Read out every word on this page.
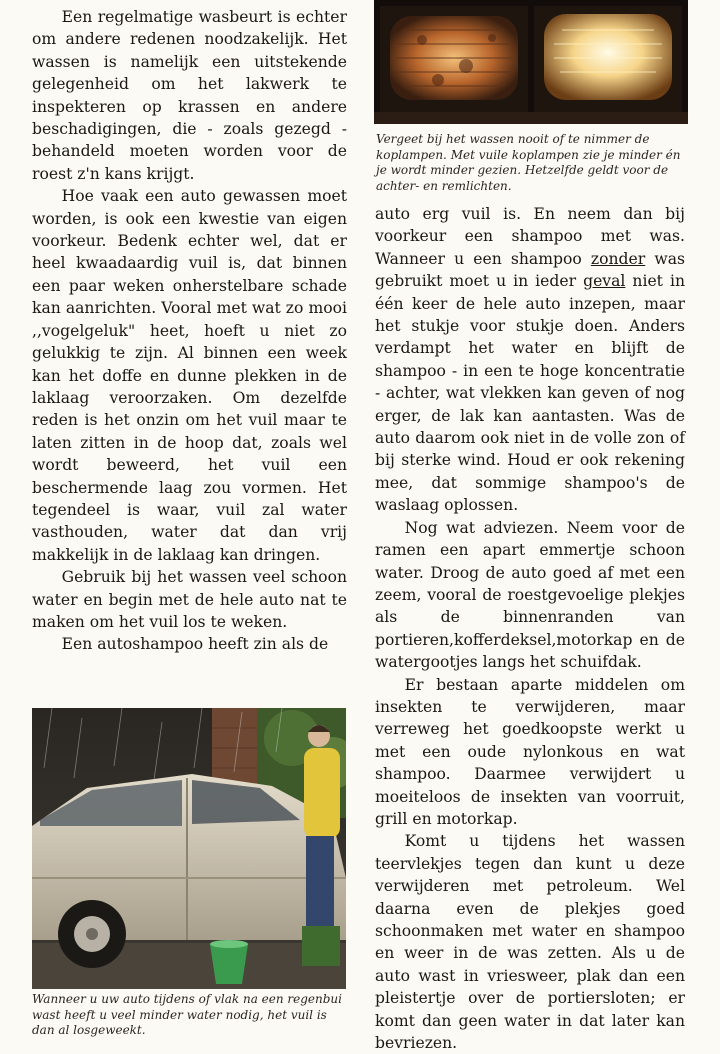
Vergeet bij het wassen nooit of te nimmer de koplampen. Met vuile koplampen zie je minder én je wordt minder gezien. Hetzelfde geldt voor de achter- en remlichten.

Een regelmatige wasbeurt is echter om andere redenen noodzakelijk. Het wassen is namelijk een uitstekende gelegenheid om het lakwerk te inspekteren op krassen en andere beschadigingen, die - zoals gezegd - behandeld moeten worden voor de roest z'n kans krijgt.

Hoe vaak een auto gewassen moet worden, is ook een kwestie van eigen voorkeur. Bedenk echter wel, dat er heel kwaadaardig vuil is, dat binnen een paar weken onherstelbare schade kan aanrichten. Vooral met wat zo mooi ,,vogelgeluk" heet, hoeft u niet zo gelukkig te zijn. Al binnen een week kan het doffe en dunne plekken in de laklaag veroorzaken. Om dezelfde reden is het onzin om het vuil maar te laten zitten in de hoop dat, zoals wel wordt beweerd, het vuil een beschermende laag zou vormen. Het tegendeel is waar, vuil zal water vasthouden, water dat dan vrij makkelijk in de laklaag kan dringen.

Gebruik bij het wassen veel schoon water en begin met de hele auto nat te maken om het vuil los te weken.

Een autoshampoo heeft zin als de

Wanneer u uw auto tijdens of vlak na een regenbui wast heeft u veel minder water nodig, het vuil is dan al losgeweekt.

auto erg vuil is. En neem dan bij voorkeur een shampoo met was. Wanneer u een shampoo zonder was gebruikt moet u in ieder geval niet in één keer de hele auto inzepen, maar het stukje voor stukje doen. Anders verdampt het water en blijft de shampoo - in een te hoge koncentratie - achter, wat vlekken kan geven of nog erger, de lak kan aantasten. Was de auto daarom ook niet in de volle zon of bij sterke wind. Houd er ook rekening mee, dat sommige shampoo's de waslaag oplossen.

Nog wat adviezen. Neem voor de ramen een apart emmertje schoon water. Droog de auto goed af met een zeem, vooral de roestgevoelige plekjes als de binnenranden van portieren,kofferdeksel,motorkap en de watergootjes langs het schuifdak.

Er bestaan aparte middelen om insekten te verwijderen, maar verreweg het goedkoopste werkt u met een oude nylonkous en wat shampoo. Daarmee verwijdert u moeiteloos de insekten van voorruit, grill en motorkap.

Komt u tijdens het wassen teervlekjes tegen dan kunt u deze verwijderen met petroleum. Wel daarna even de plekjes goed schoonmaken met water en shampoo en weer in de was zetten. Als u de auto wast in vriesweer, plak dan een pleistertje over de portiersloten; er komt dan geen water in dat later kan bevriezen.
